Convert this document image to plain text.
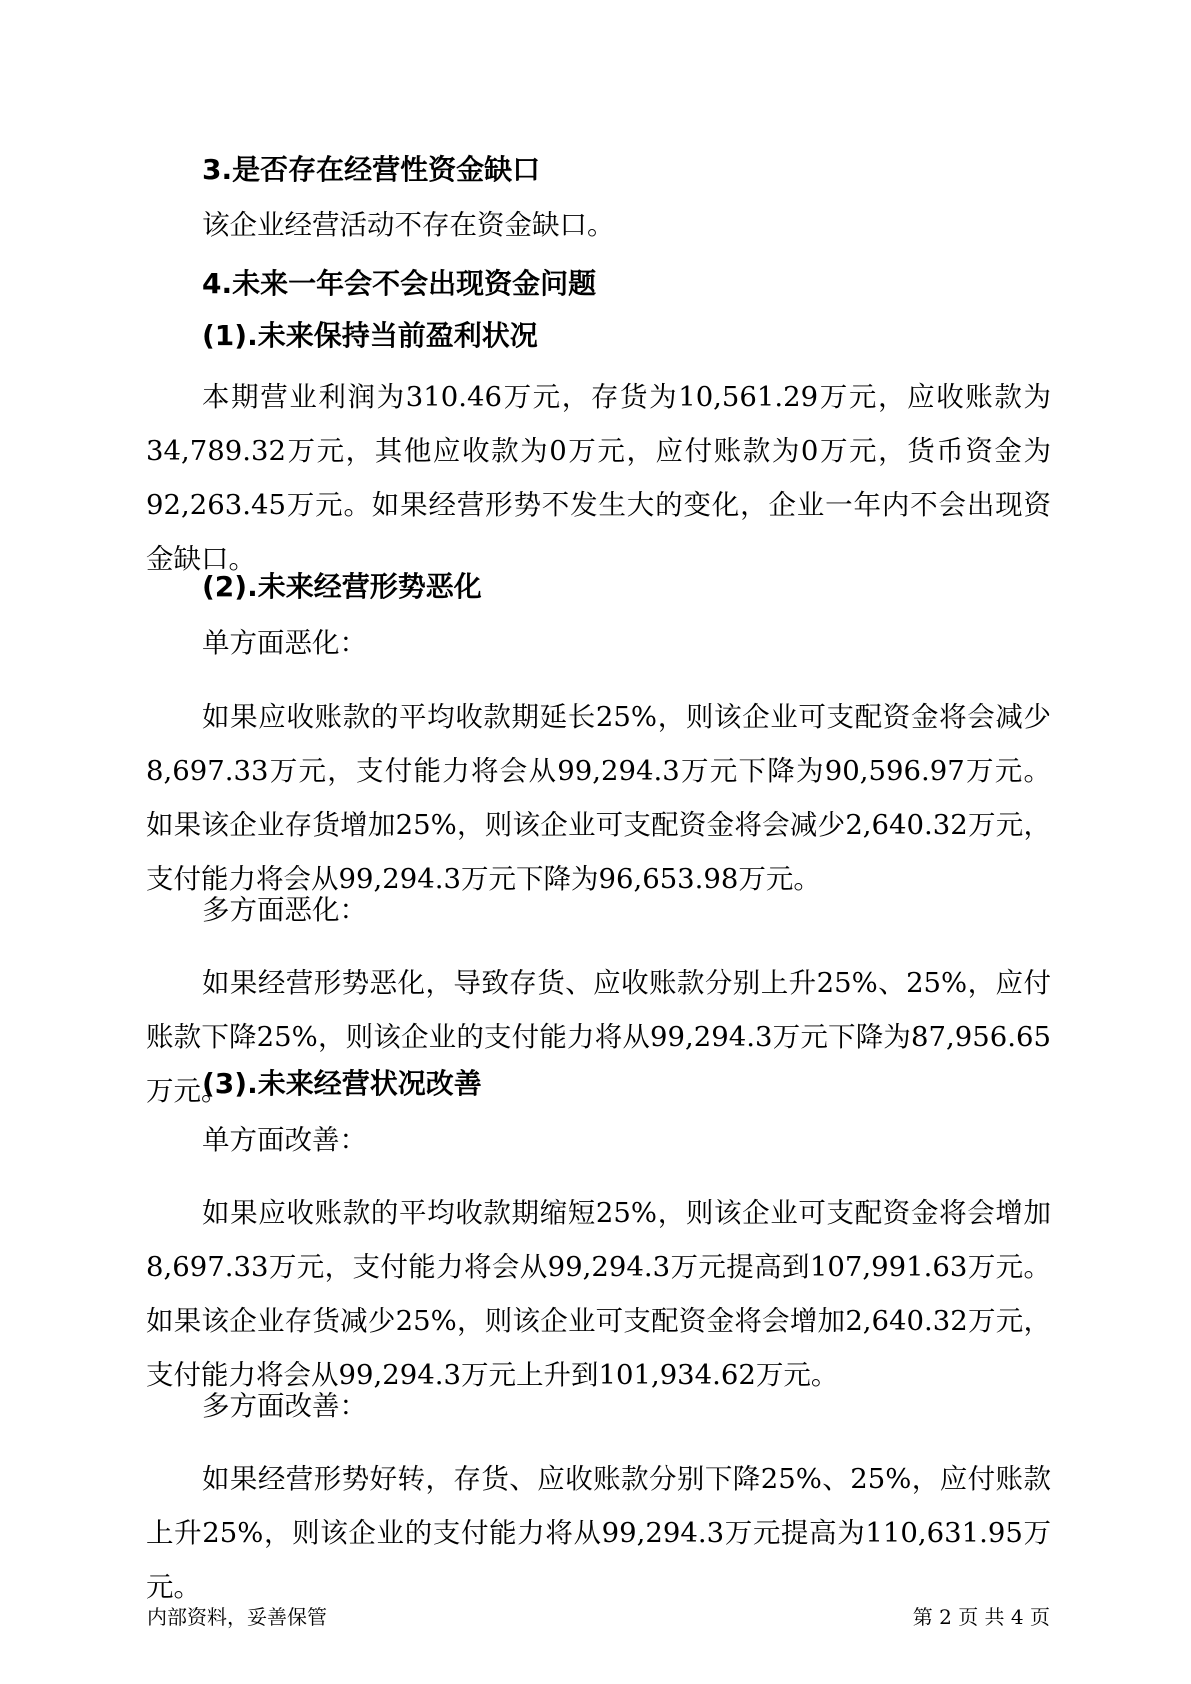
3.是否存在经营性资金缺口
该企业经营活动不存在资金缺口。
4.未来一年会不会出现资金问题
(1).未来保持当前盈利状况
本期营业利润为310.46万元，存货为10,561.29万元，应收账款为34,789.32万元，其他应收款为0万元，应付账款为0万元，货币资金为92,263.45万元。如果经营形势不发生大的变化，企业一年内不会出现资金缺口。
(2).未来经营形势恶化
单方面恶化：
如果应收账款的平均收款期延长25%，则该企业可支配资金将会减少8,697.33万元，支付能力将会从99,294.3万元下降为90,596.97万元。如果该企业存货增加25%，则该企业可支配资金将会减少2,640.32万元，支付能力将会从99,294.3万元下降为96,653.98万元。
多方面恶化：
如果经营形势恶化，导致存货、应收账款分别上升25%、25%，应付账款下降25%，则该企业的支付能力将从99,294.3万元下降为87,956.65万元。
(3).未来经营状况改善
单方面改善：
如果应收账款的平均收款期缩短25%，则该企业可支配资金将会增加8,697.33万元，支付能力将会从99,294.3万元提高到107,991.63万元。如果该企业存货减少25%，则该企业可支配资金将会增加2,640.32万元，支付能力将会从99,294.3万元上升到101,934.62万元。
多方面改善：
如果经营形势好转，存货、应收账款分别下降25%、25%，应付账款上升25%，则该企业的支付能力将从99,294.3万元提高为110,631.95万元。
内部资料，妥善保管	第 2 页 共 4 页
